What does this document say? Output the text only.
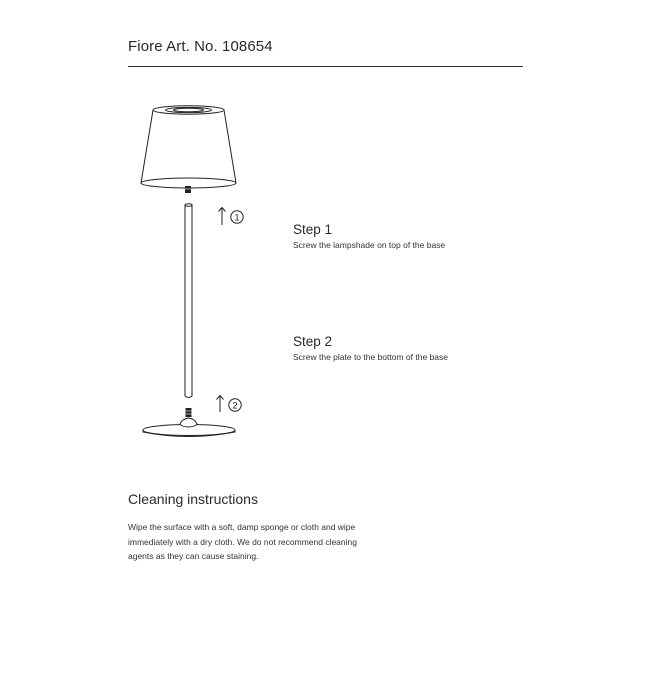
Fiore Art. No. 108654
1
2
Step 1
Screw the lampshade on top of the base
Step 2
Screw the plate to the bottom of the base
Cleaning instructions
Wipe the surface with a soft, damp sponge or cloth and wipe
immediately with a dry cloth. We do not recommend cleaning
agents as they can cause staining.
